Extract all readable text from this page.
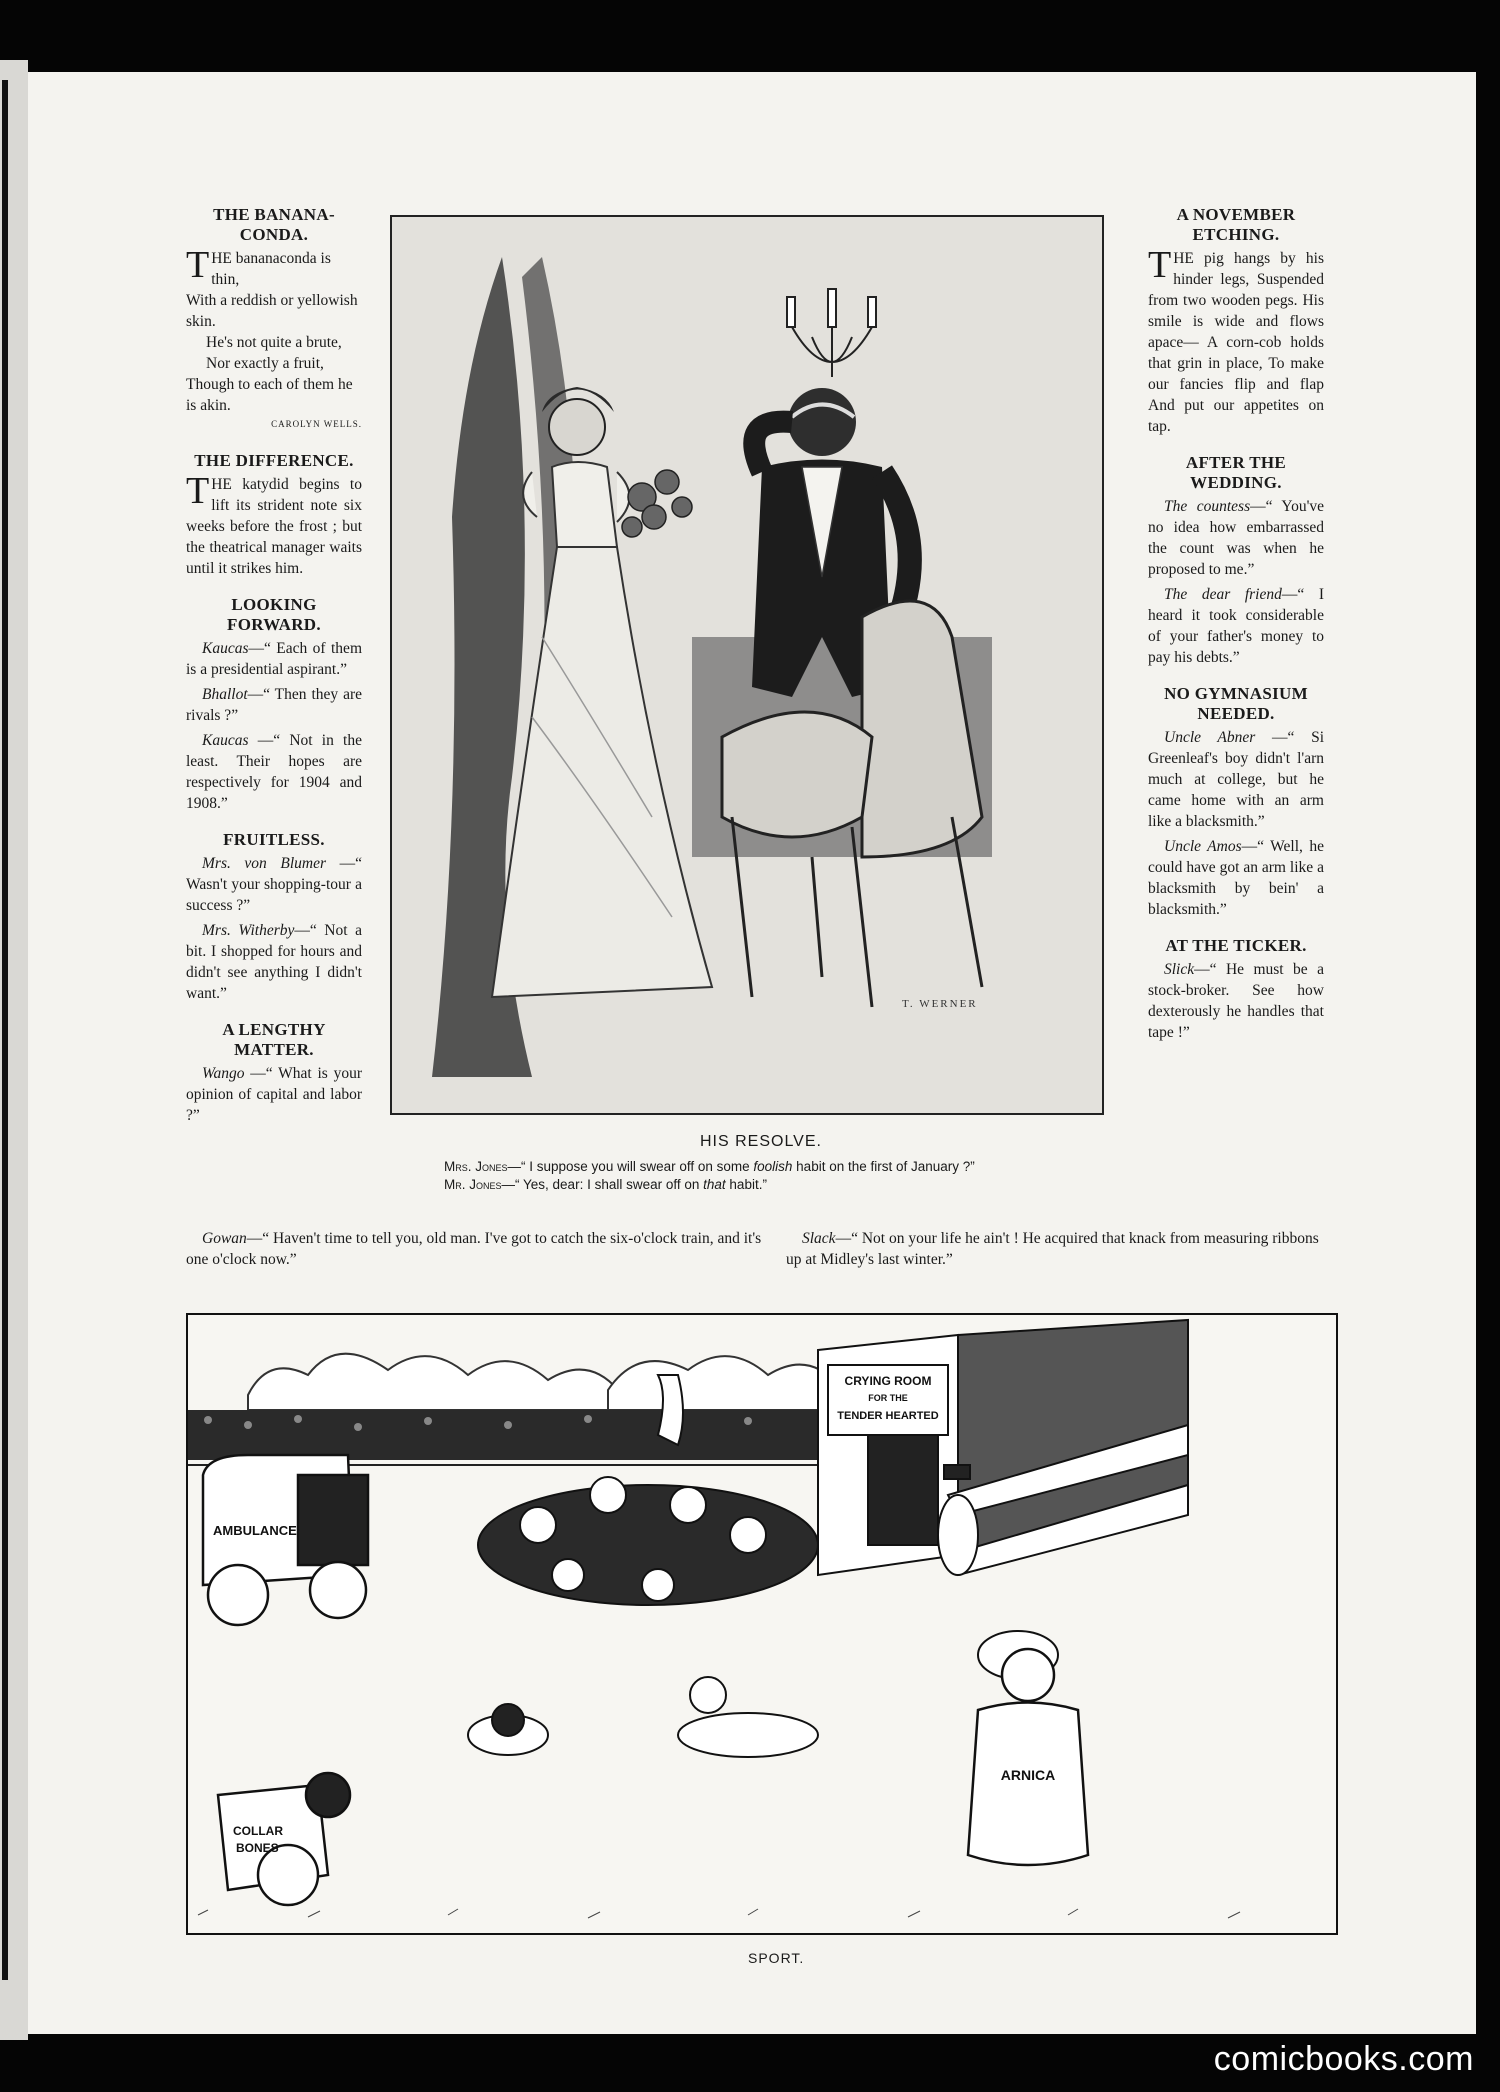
THE BANANA-CONDA.
T HE bananaconda is thin,
With a reddish or yellowish skin.
He's not quite a brute,
Nor exactly a fruit,
Though to each of them he is akin.

CAROLYN WELLS.

THE DIFFERENCE.

THE katydid begins to lift its strident note six weeks before the frost ; but the theatrical manager waits until it strikes him.

LOOKING FORWARD.

Kaucas—“ Each of them is a presidential aspirant.”

Bhallot—“ Then they are rivals ?”

Kaucas —“ Not in the least. Their hopes are respectively for 1904 and 1908.”

FRUITLESS.

Mrs. von Blumer —“ Wasn't your shopping-tour a success ?”

Mrs. Witherby—“ Not a bit. I shopped for hours and didn't see anything I didn't want.”

A LENGTHY MATTER.

Wango —“ What is your opinion of capital and labor ?”

A NOVEMBER ETCHING.

THE pig hangs by his hinder legs, Suspended from two wooden pegs. His smile is wide and flows apace— A corn-cob holds that grin in place, To make our fancies flip and flap And put our appetites on tap.

AFTER THE WEDDING.

The countess—“ You've no idea how embarrassed the count was when he proposed to me.”

The dear friend—“ I heard it took considerable of your father's money to pay his debts.”

NO GYMNASIUM NEEDED.

Uncle Abner —“ Si Greenleaf's boy didn't l'arn much at college, but he came home with an arm like a blacksmith.”

Uncle Amos—“ Well, he could have got an arm like a blacksmith by bein' a blacksmith.”

AT THE TICKER.

Slick—“ He must be a stock-broker. See how dexterously he handles that tape !”

T. WERNER
HIS RESOLVE.
Mrs. Jones—“ I suppose you will swear off on some foolish habit on the first of January ?”
Mr. Jones—“ Yes, dear: I shall swear off on that habit.”
Gowan—“ Haven't time to tell you, old man. I've got to catch the six-o'clock train, and it's one o'clock now.”
Slack—“ Not on your life he ain't ! He acquired that knack from measuring ribbons up at Midley's last winter.”
CRYING ROOM
FOR THE
TENDER HEARTED
AMBULANCE
COLLAR
BONES
ARNICA
SPORT.
comicbooks.com
